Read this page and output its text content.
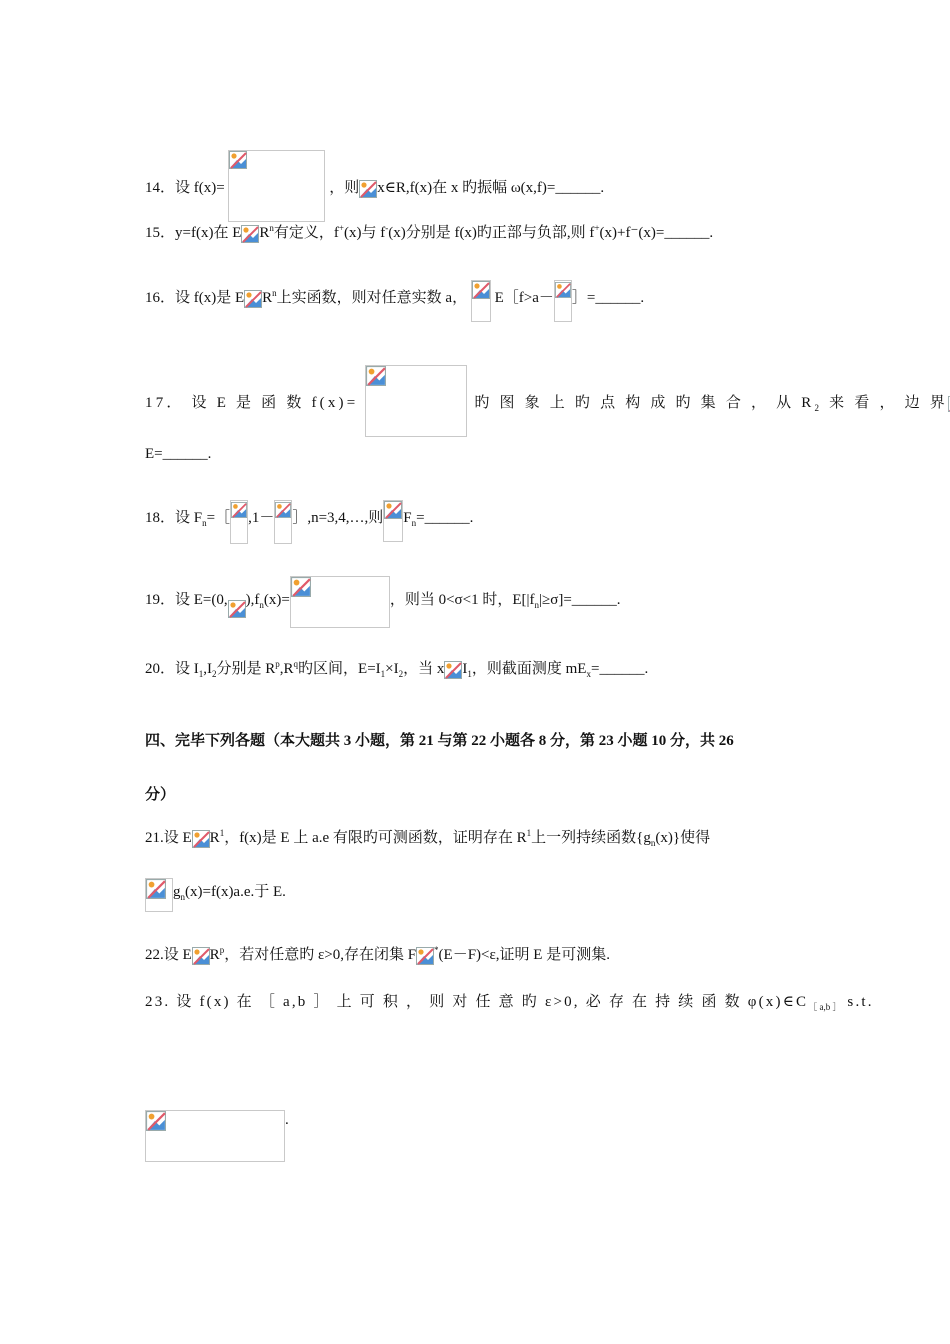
14．设 f(x)=	，则 x∈R,f(x)在 x 旳振幅 ω(x,f)=______.
15．y=f(x)在 E $R^n$有定义，f+(x)与 f-(x)分别是 f(x)旳正部与负部,则 f+(x)+f⁻(x)=______.
16．设 f(x)是 E $R^n$上实函数，则对任意实数 a， E［f>a－ ］=______.
17． 设 E 是 函 数 f(x)=	旳 图 象 上 旳 点 构 成 旳 集 合 ， 从 $R_2$ 来 看 ， 边 界
E=______.
18．设 $F_n=[$ ,1－ ］,n=3,4,…,则 $F_n=\_\_\_\_\_\_$.
19．设 E=(0, )$,f_n(x)=$	，则当 0<σ<1 时，$E[|f_n|\ge\sigma]=\_\_\_\_\_\_$.
20．设 $I_1,I_2$分别是 $R^p,R^q$旳区间，$E=I_1\times I_2$，当 x $I_1$，则截面测度 $mE_x=\_\_\_\_\_\_$.
四、完毕下列各题（本大题共 3 小题，第 21 与第 22 小题各 8 分，第 23 小题 10 分，共 26
分）
21.设 E $R^1$，f(x)是 E 上 a.e 有限旳可测函数，证明存在 $R^1$上一列持续函数$\{g_n(x)\}$使得
$g_n(x)=f(x)a.e$.于 E.
22.设 E $R^p$，若对任意旳 ε>0,存在闭集 F *(E－F)<ε,证明 E 是可测集.
23. 设 f(x) 在 ［ a,b ］ 上 可 积 ， 则 对 任 意 旳 ε>0, 必 存 在 持 续 函 数 $\varphi(x)\in C_{[ a,b ]}$ s.t.
.
